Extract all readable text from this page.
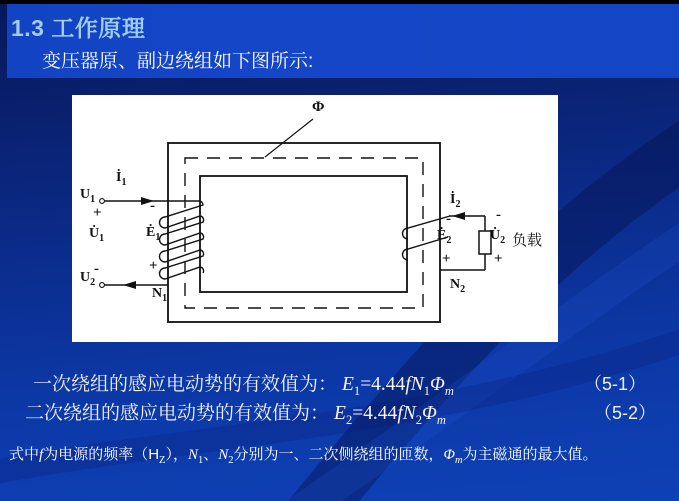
1.3 工作原理
变压器原、副边绕组如下图所示:
Φ
$U_1$
$İ_1$
+
$U̇_1$
-
$Ė_1$
+
-
$U_2$
$N_1$
$İ_2$
-
$Ė_2$
+
-
$U̇_2$
+
负载
$N_2$
一次绕组的感应电动势的有效值为： $E_1=4.44fN_1\Phi_m$	（5-1）
二次绕组的感应电动势的有效值为： $E_2=4.44fN_2\Phi_m$	（5-2）
式中f为电源的频率$(H_Z)$，$N_1$、$N_2$分别为一、二次侧绕组的匝数，$\Phi_m$为主磁通的最大值。
